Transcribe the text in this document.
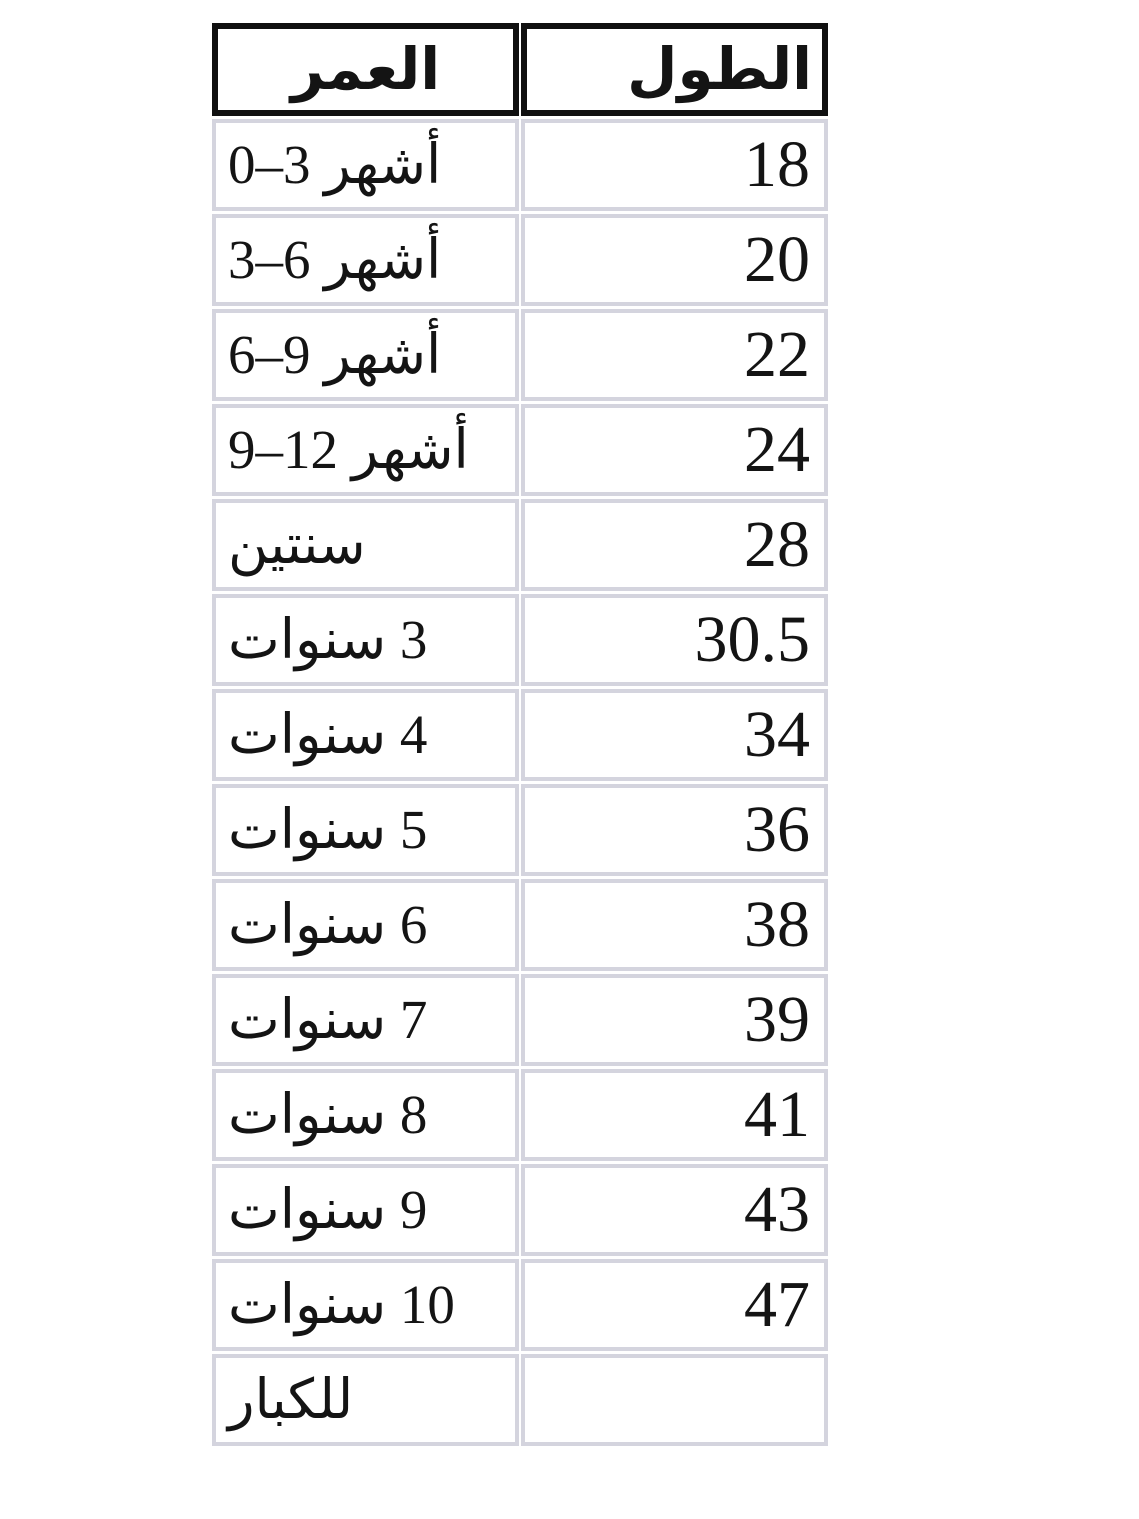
العمر	الطول
0–3 أشهر	18
3–6 أشهر	20
6–9 أشهر	22
9–12 أشهر	24
سنتين	28
3 سنوات	30.5
4 سنوات	34
5 سنوات	36
6 سنوات	38
7 سنوات	39
8 سنوات	41
9 سنوات	43
10 سنوات	47
للكبار	
